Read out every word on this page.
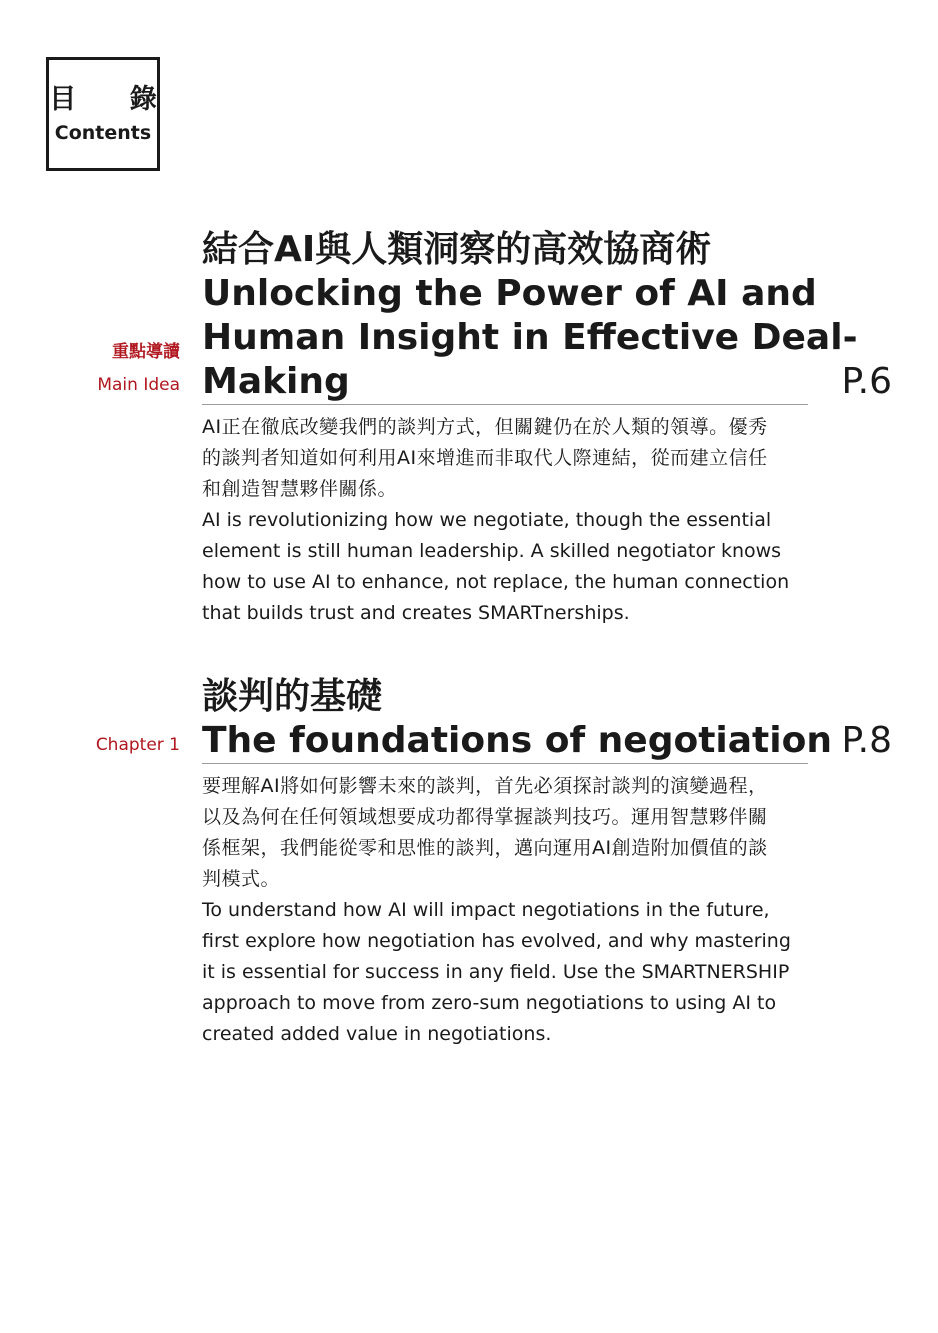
目 錄
Contents
重點導讀
Main Idea
結合AI與人類洞察的高效協商術
Unlocking the Power of AI and
Human Insight in Effective Deal-
Making	P.6

AI正在徹底改變我們的談判方式，但關鍵仍在於人類的領導。優秀

的談判者知道如何利用AI來增進而非取代人際連結，從而建立信任

和創造智慧夥伴關係。

AI is revolutionizing how we negotiate, though the essential

element is still human leadership. A skilled negotiator knows

how to use AI to enhance, not replace, the human connection

that builds trust and creates SMARTnerships.

Chapter 1
談判的基礎
The foundations of negotiation P.8

要理解AI將如何影響未來的談判，首先必須探討談判的演變過程，

以及為何在任何領域想要成功都得掌握談判技巧。運用智慧夥伴關

係框架，我們能從零和思惟的談判，邁向運用AI創造附加價值的談

判模式。

To understand how AI will impact negotiations in the future,

first explore how negotiation has evolved, and why mastering

it is essential for success in any field. Use the SMARTNERSHIP

approach to move from zero-sum negotiations to using AI to

created added value in negotiations.
